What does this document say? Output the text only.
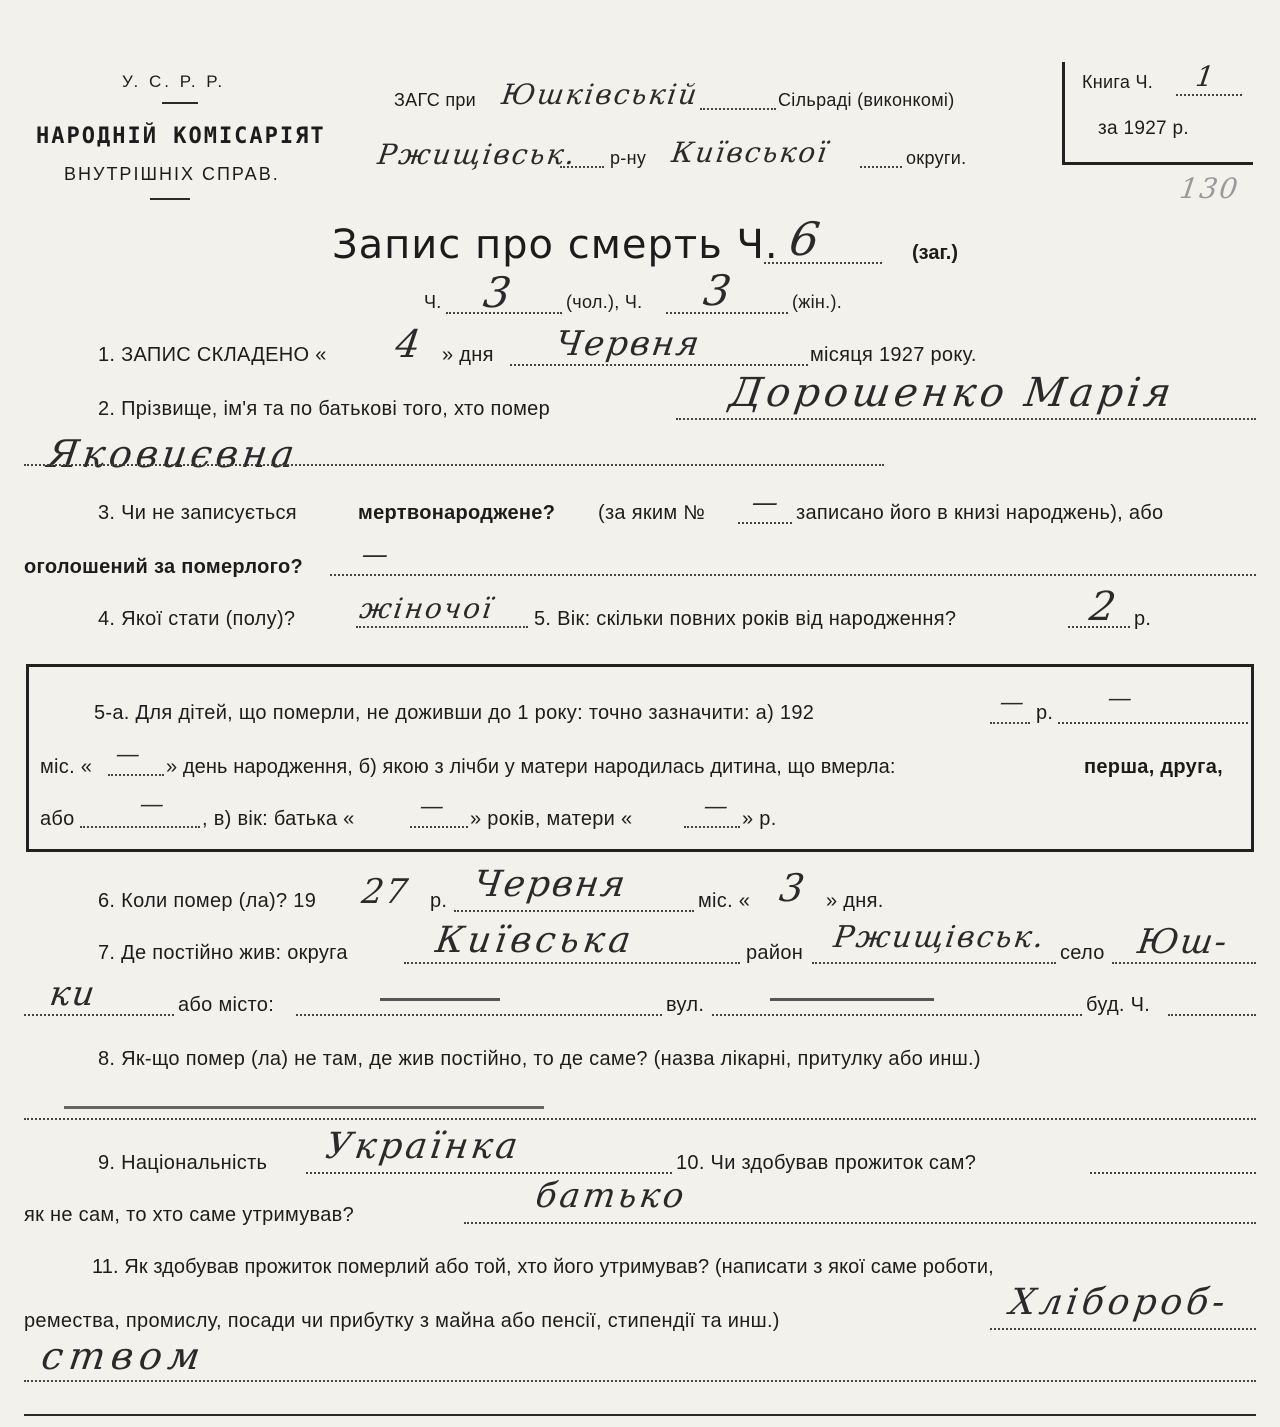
У. С. Р. Р.
НАРОДНІЙ КОМІСАРІЯТ
ВНУТРІШНІХ СПРАВ.
ЗАГС при Юшківській	Сільраді (виконкомі)
Ржищівськ. р-ну Київської	округи.
Книга Ч. 1
за 1927 р.
130
Запис про смерть Ч. 6	(заг.)
Ч. 3	(чол.), Ч. 3	(жін.).
1. ЗАПИС СКЛАДЕНО « 4 » дня Червня	місяця 1927 року.
2. Прізвище, ім'я та по батькові того, хто помер	Дорошенко Марія
Яковиєвна
3. Чи не записується	мертвонароджене? (за яким № — записано його в книзі народжень), або
оголошений за померлого? —
4. Якої стати (полу)? жіночої 5. Вік: скільки повних років від народження?	2 р.
5-а. Для дітей, що померли, не доживши до 1 року: точно зазначити: а) 192	— р.
—
міс. « — » день народження, б) якою з лічби у матери народилась дитина, що вмерла:	перша, друга,
або
—
, в) вік: батька «	— » років, матери «	— » р.
6. Коли помер (ла)? 19 27 р. Червня	міс. « 3 » дня.
7. Де постійно жив: округа Київська	район Ржищівськ. село Юш-
ки	або місто:	вул.	буд. Ч.
8. Як-що помер (ла) не там, де жив постійно, то де саме? (назва лікарні, притулку або инш.)
9. Національність Українка	10. Чи здобував прожиток сам?
як не сам, то хто саме утримував?	батько
11. Як здобував прожиток померлий або той, хто його утримував? (написати з якої саме роботи,
ремества, промислу, посади чи прибутку з майна або пенсії, стипендії та инш.)	Хлібороб-
ством
